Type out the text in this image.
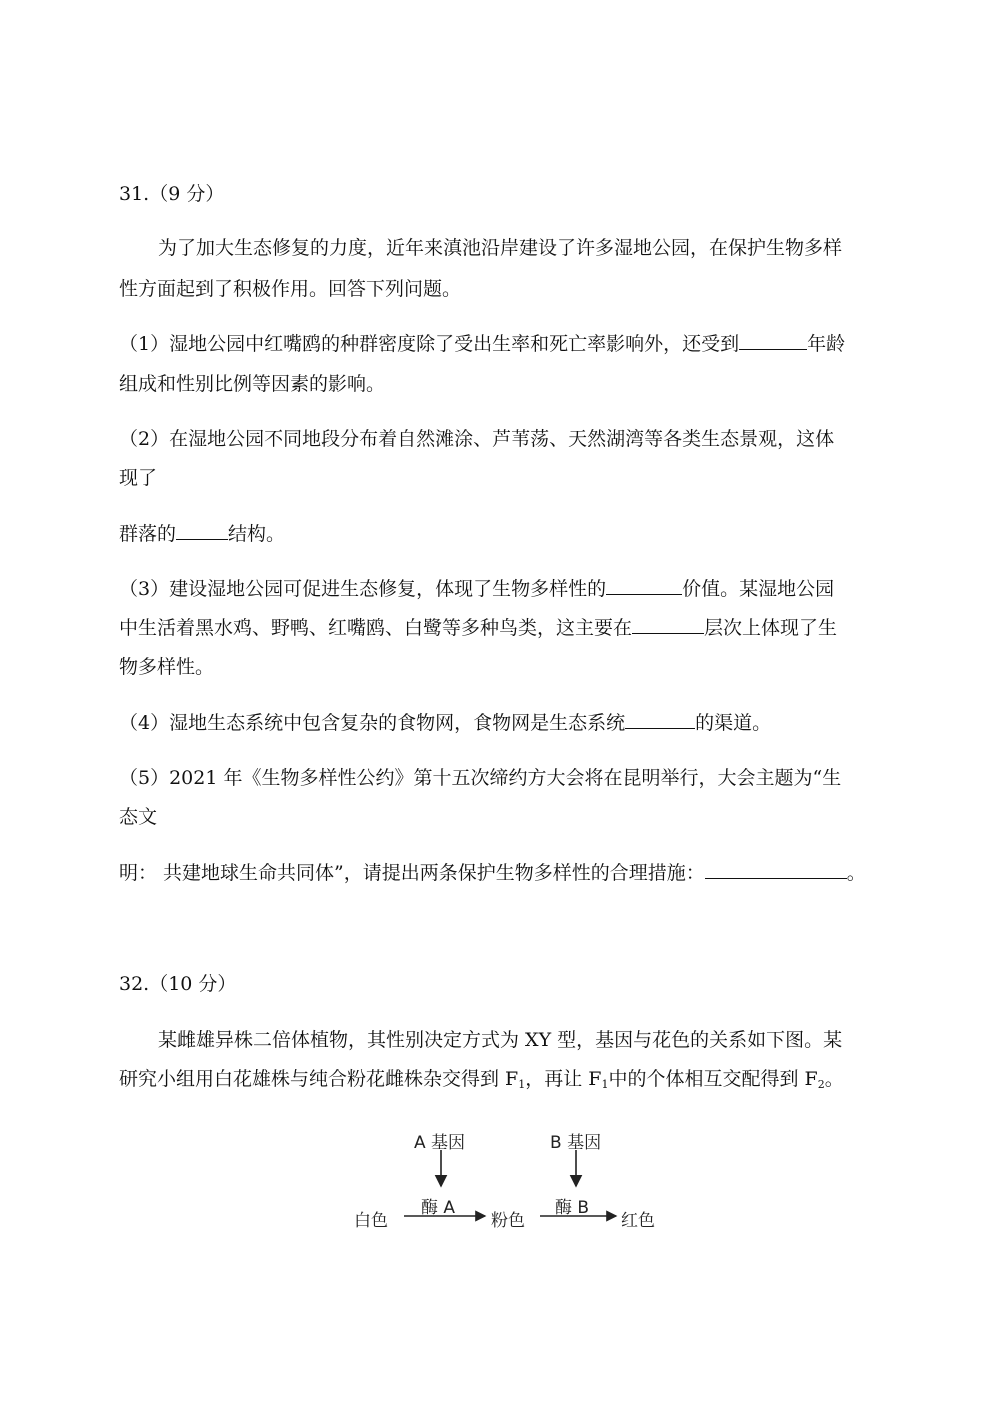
31.（9 分）
为了加大生态修复的力度，近年来滇池沿岸建设了许多湿地公园，在保护生物多样
性方面起到了积极作用。回答下列问题。
（1）湿地公园中红嘴鸥的种群密度除了受出生率和死亡率影响外，还受到	年龄
组成和性别比例等因素的影响。
（2）在湿地公园不同地段分布着自然滩涂、芦苇荡、天然湖湾等各类生态景观，这体
现了
群落的	结构。
（3）建设湿地公园可促进生态修复，体现了生物多样性的	价值。某湿地公园
中生活着黑水鸡、野鸭、红嘴鸥、白鹭等多种鸟类，这主要在	层次上体现了生
物多样性。
（4）湿地生态系统中包含复杂的食物网，食物网是生态系统	的渠道。
（5）2021 年《生物多样性公约》第十五次缔约方大会将在昆明举行，大会主题为“生
态文
明： 共建地球生命共同体”，请提出两条保护生物多样性的合理措施：	。
32.（10 分）
某雌雄异株二倍体植物，其性别决定方式为 XY 型，基因与花色的关系如下图。某
研究小组用白花雄株与纯合粉花雌株杂交得到 $F_1$，再让 $F_1$中的个体相互交配得到 $F_2$。
A 基因	B 基因
酶 A	酶 B
白色	粉色	红色
